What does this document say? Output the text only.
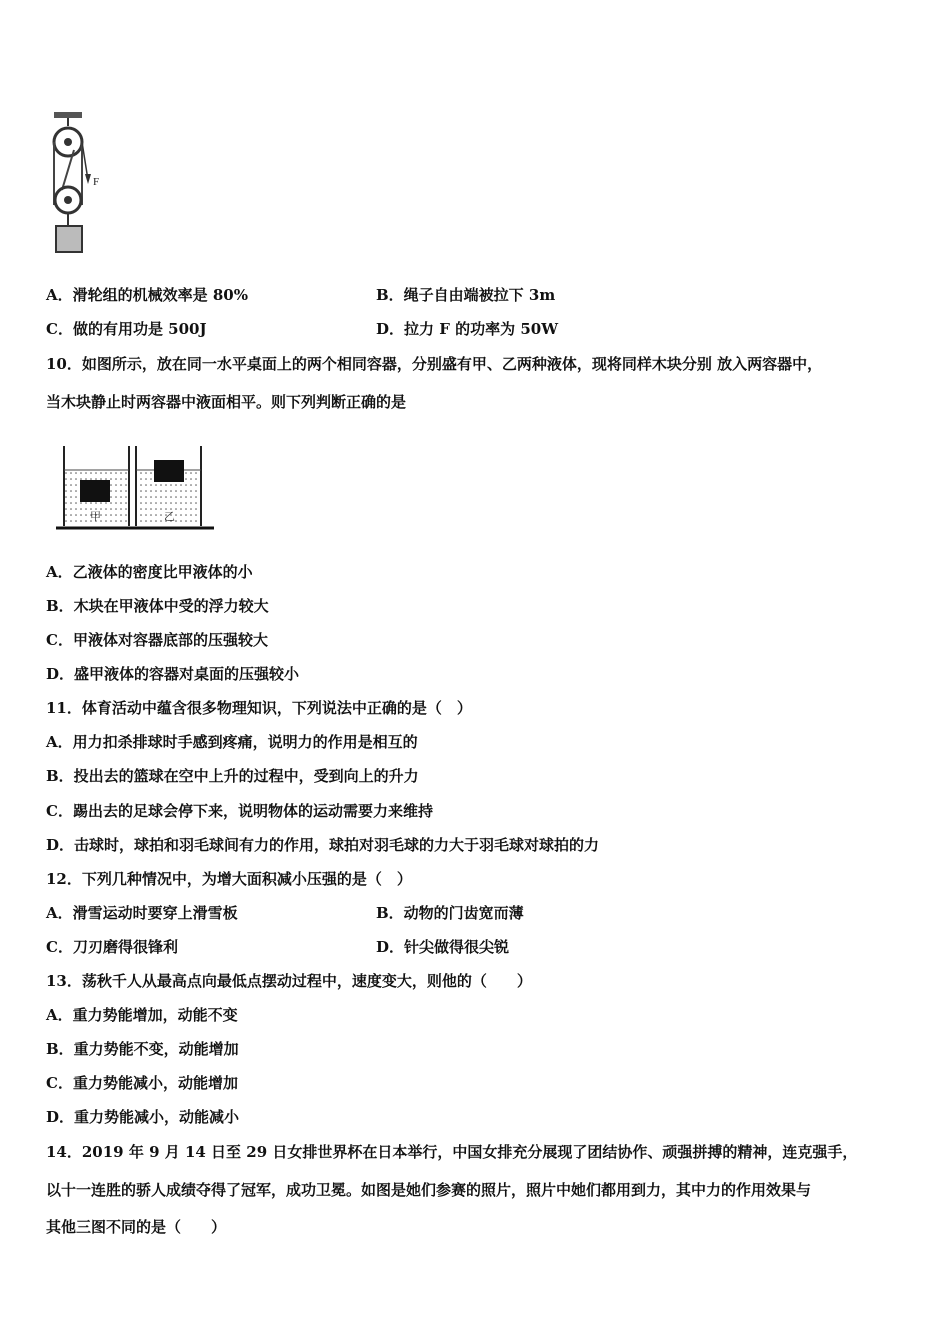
F
A．滑轮组的机械效率是 80%	B．绳子自由端被拉下 3m
C．做的有用功是 500J	D．拉力 F 的功率为 50W
10．如图所示，放在同一水平桌面上的两个相同容器，分别盛有甲、乙两种液体，现将同样木块分别 放入两容器中，
当木块静止时两容器中液面相平。则下列判断正确的是
甲	乙
A．乙液体的密度比甲液体的小
B．木块在甲液体中受的浮力较大
C．甲液体对容器底部的压强较大
D．盛甲液体的容器对桌面的压强较小
11．体育活动中蕴含很多物理知识，下列说法中正确的是（　）
A．用力扣杀排球时手感到疼痛，说明力的作用是相互的
B．投出去的篮球在空中上升的过程中，受到向上的升力
C．踢出去的足球会停下来，说明物体的运动需要力来维持
D．击球时，球拍和羽毛球间有力的作用，球拍对羽毛球的力大于羽毛球对球拍的力
12．下列几种情况中，为增大面积减小压强的是（　）
A．滑雪运动时要穿上滑雪板	B．动物的门齿宽而薄
C．刀刃磨得很锋利	D．针尖做得很尖锐
13．荡秋千人从最高点向最低点摆动过程中，速度变大，则他的（　　）
A．重力势能增加，动能不变
B．重力势能不变，动能增加
C．重力势能减小，动能增加
D．重力势能减小，动能减小
14．2019 年 9 月 14 日至 29 日女排世界杯在日本举行，中国女排充分展现了团结协作、顽强拼搏的精神，连克强手，
以十一连胜的骄人成绩夺得了冠军，成功卫冕。如图是她们参赛的照片，照片中她们都用到力，其中力的作用效果与
其他三图不同的是（　　）
